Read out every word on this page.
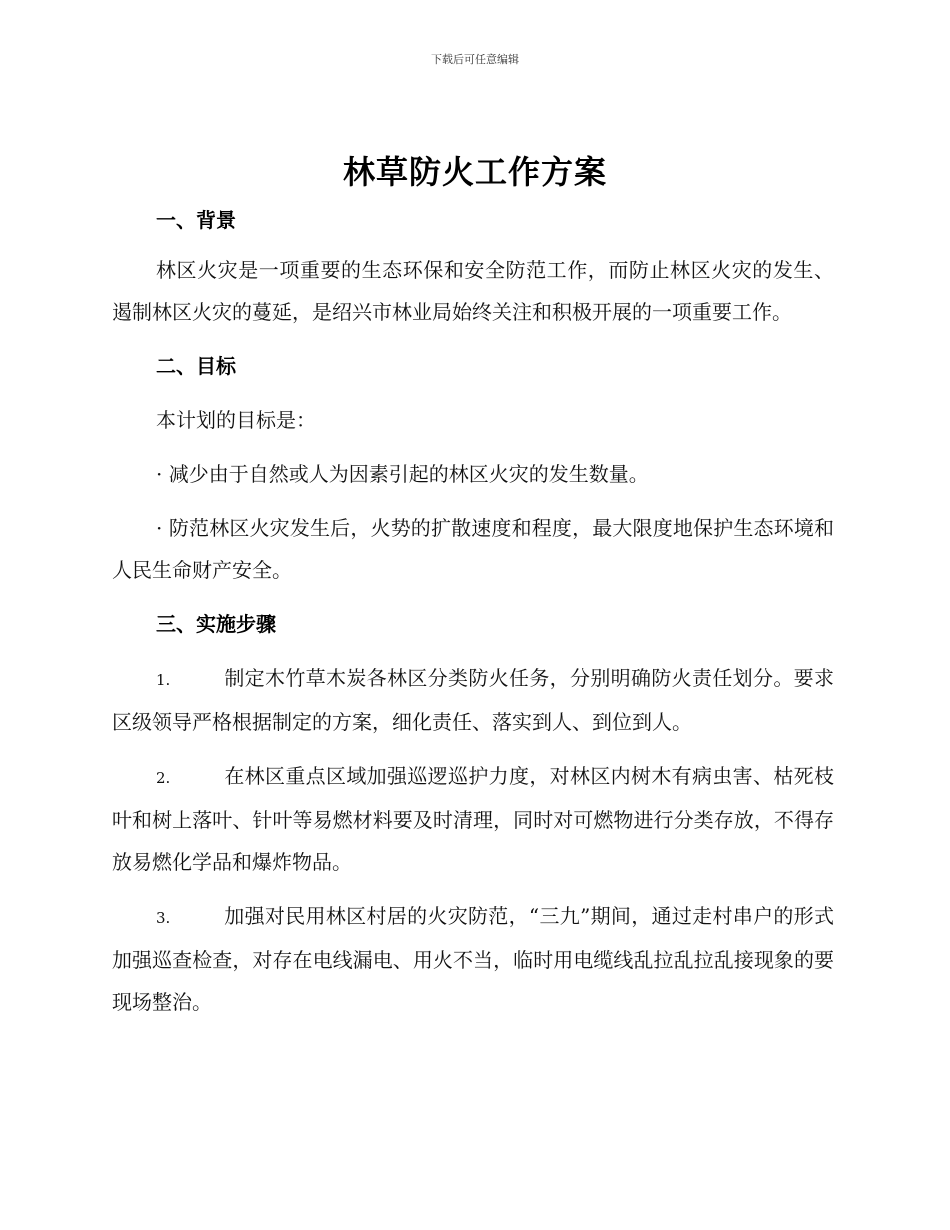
下载后可任意编辑
林草防火工作方案
一、背景

林区火灾是一项重要的生态环保和安全防范工作，而防止林区火灾的发生、遏制林区火灾的蔓延，是绍兴市林业局始终关注和积极开展的一项重要工作。

二、目标

本计划的目标是：

· 减少由于自然或人为因素引起的林区火灾的发生数量。

· 防范林区火灾发生后，火势的扩散速度和程度，最大限度地保护生态环境和人民生命财产安全。

三、实施步骤

1.	制定木竹草木炭各林区分类防火任务，分别明确防火责任划分。要求区级领导严格根据制定的方案，细化责任、落实到人、到位到人。

2.	在林区重点区域加强巡逻巡护力度，对林区内树木有病虫害、枯死枝叶和树上落叶、针叶等易燃材料要及时清理，同时对可燃物进行分类存放，不得存放易燃化学品和爆炸物品。

3.	加强对民用林区村居的火灾防范，“三九”期间，通过走村串户的形式加强巡查检查，对存在电线漏电、用火不当，临时用电缆线乱拉乱拉乱接现象的要现场整治。
